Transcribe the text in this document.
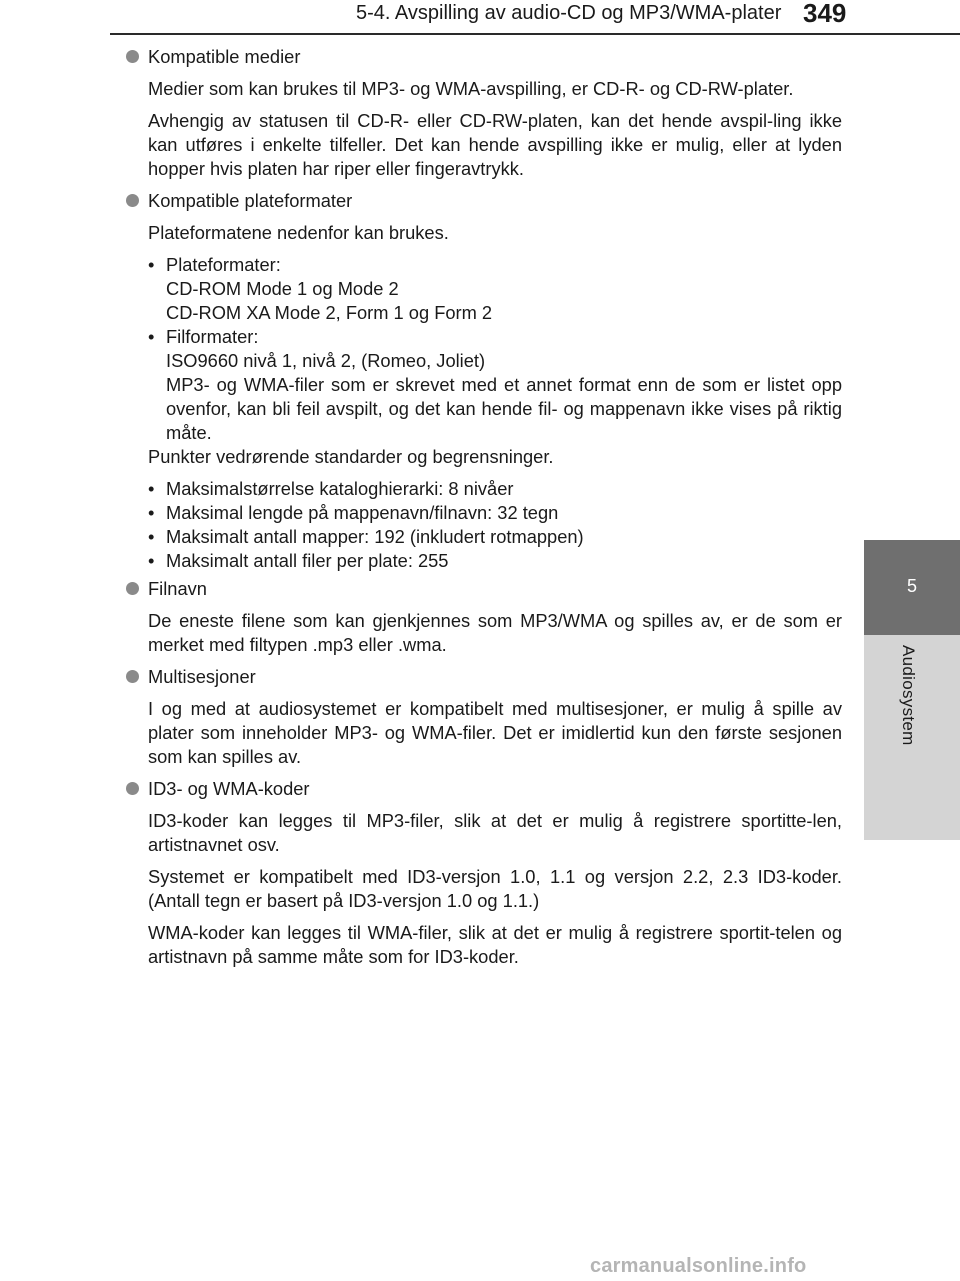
5-4. Avspilling av audio-CD og MP3/WMA-plater 349
5
Audiosystem
Kompatible medier

Medier som kan brukes til MP3- og WMA-avspilling, er CD-R- og CD-RW-plater.

Avhengig av statusen til CD-R- eller CD-RW-platen, kan det hende avspil-ling ikke kan utføres i enkelte tilfeller. Det kan hende avspilling ikke er mulig, eller at lyden hopper hvis platen har riper eller fingeravtrykk.

Kompatible plateformater

Plateformatene nedenfor kan brukes.

• Plateformater:
CD-ROM Mode 1 og Mode 2
CD-ROM XA Mode 2, Form 1 og Form 2
• Filformater:
ISO9660 nivå 1, nivå 2, (Romeo, Joliet)
MP3- og WMA-filer som er skrevet med et annet format enn de som er listet opp ovenfor, kan bli feil avspilt, og det kan hende fil- og mappenavn ikke vises på riktig måte.

Punkter vedrørende standarder og begrensninger.

• Maksimalstørrelse kataloghierarki: 8 nivåer
• Maksimal lengde på mappenavn/filnavn: 32 tegn
• Maksimalt antall mapper: 192 (inkludert rotmappen)
• Maksimalt antall filer per plate: 255
Filnavn

De eneste filene som kan gjenkjennes som MP3/WMA og spilles av, er de som er merket med filtypen .mp3 eller .wma.

Multisesjoner

I og med at audiosystemet er kompatibelt med multisesjoner, er mulig å spille av plater som inneholder MP3- og WMA-filer. Det er imidlertid kun den første sesjonen som kan spilles av.

ID3- og WMA-koder

ID3-koder kan legges til MP3-filer, slik at det er mulig å registrere sportitte-len, artistnavnet osv.

Systemet er kompatibelt med ID3-versjon 1.0, 1.1 og versjon 2.2, 2.3 ID3-koder. (Antall tegn er basert på ID3-versjon 1.0 og 1.1.)

WMA-koder kan legges til WMA-filer, slik at det er mulig å registrere sportit-telen og artistnavn på samme måte som for ID3-koder.

carmanualsonline.info
